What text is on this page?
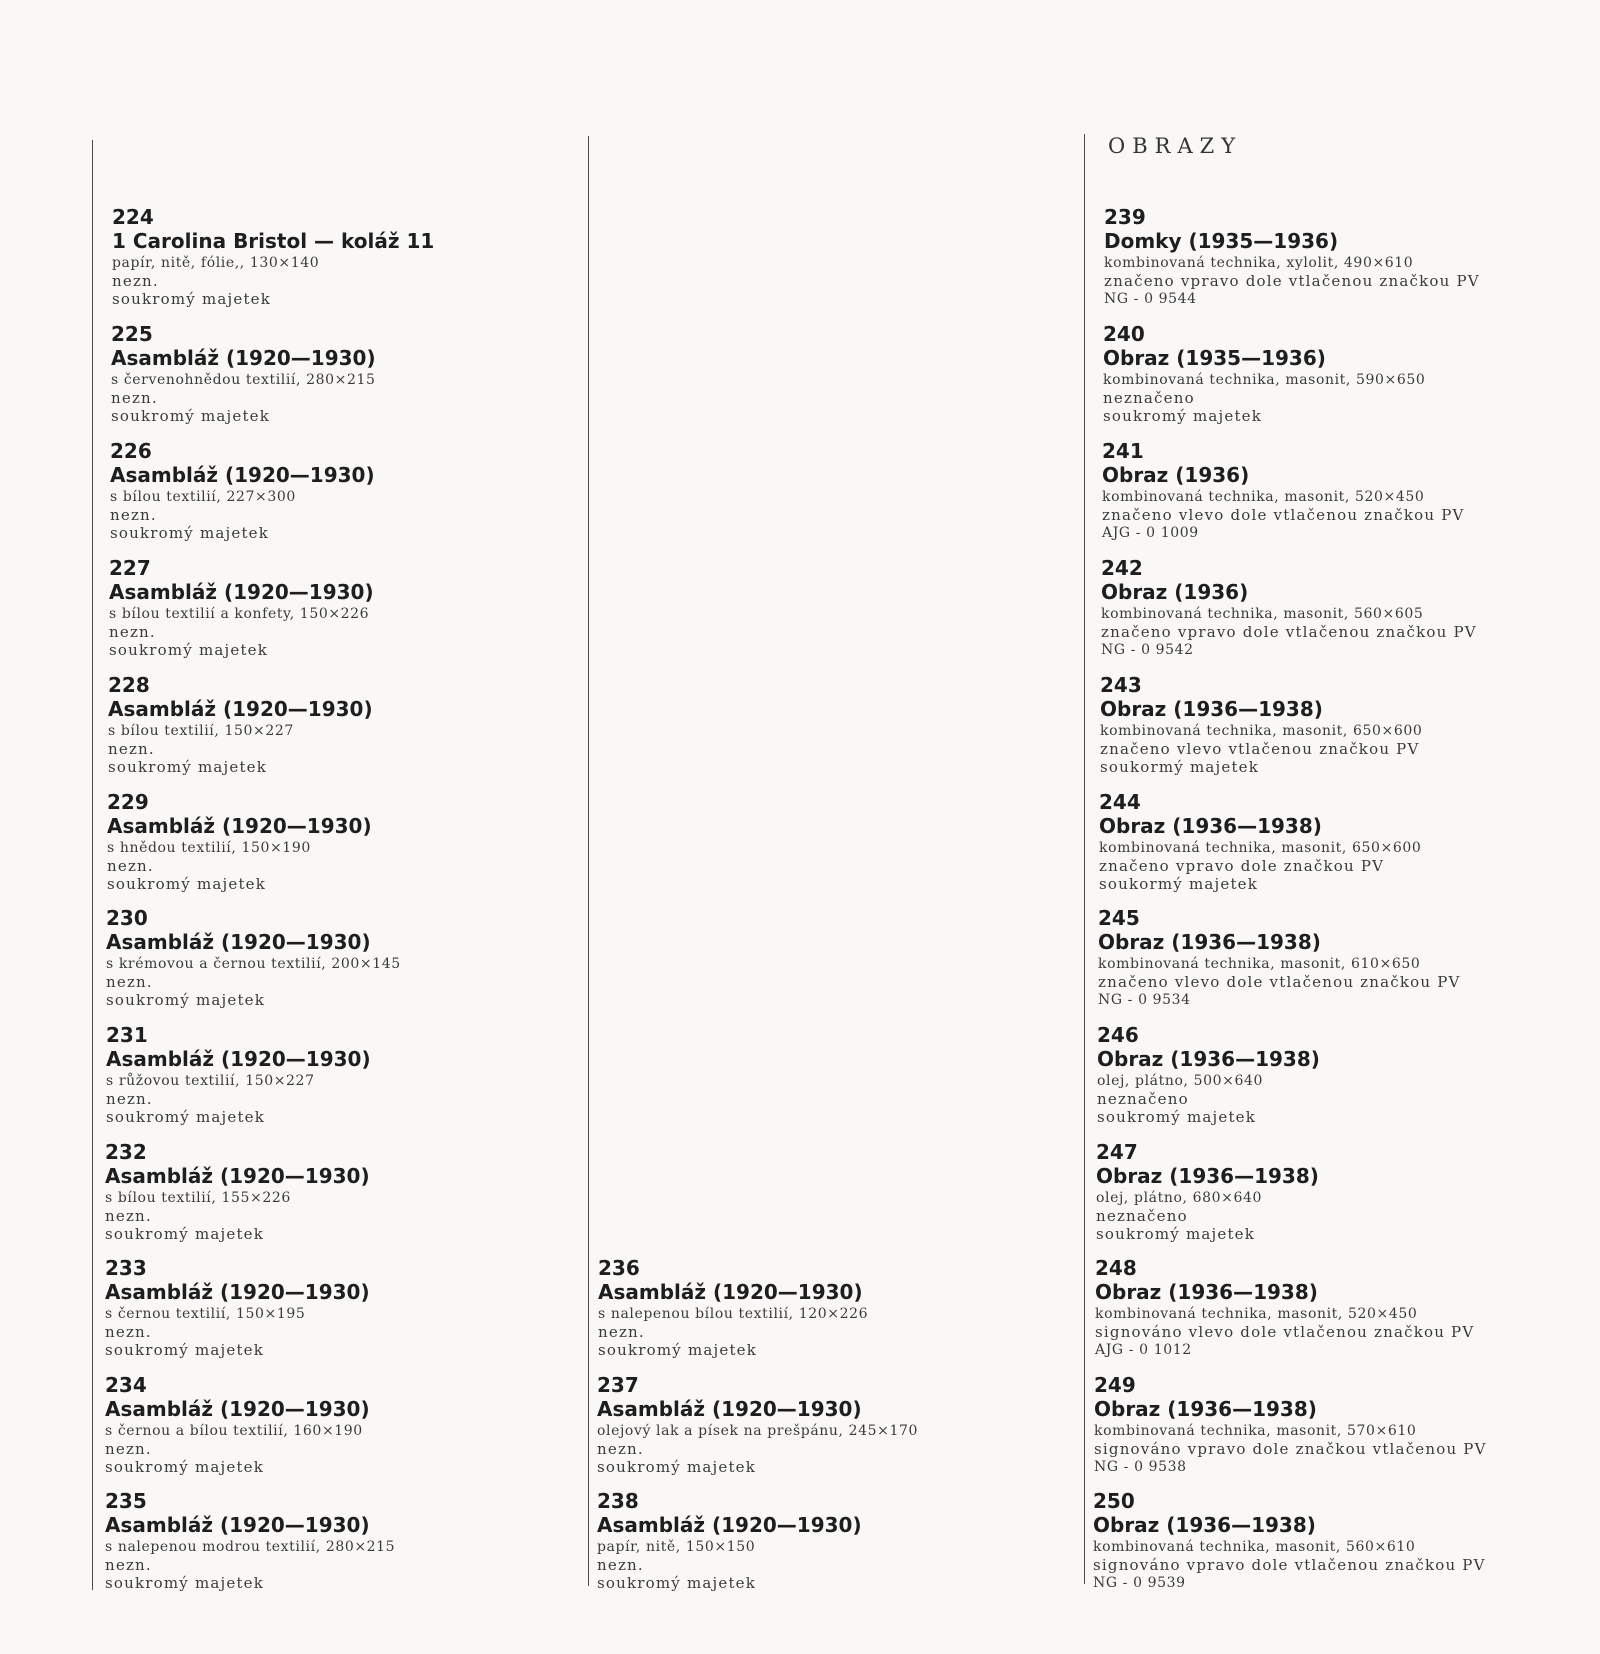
OBRAZY
224
1 Carolina Bristol — koláž 11
papír, nitě, fólie,, 130×140
nezn.
soukromý majetek
225
Asambláž (1920—1930)
s červenohnědou textilií, 280×215
nezn.
soukromý majetek
226
Asambláž (1920—1930)
s bílou textilií, 227×300
nezn.
soukromý majetek
227
Asambláž (1920—1930)
s bílou textilií a konfety, 150×226
nezn.
soukromý majetek
228
Asambláž (1920—1930)
s bílou textilií, 150×227
nezn.
soukromý majetek
229
Asambláž (1920—1930)
s hnědou textilií, 150×190
nezn.
soukromý majetek
230
Asambláž (1920—1930)
s krémovou a černou textilií, 200×145
nezn.
soukromý majetek
231
Asambláž (1920—1930)
s růžovou textilií, 150×227
nezn.
soukromý majetek
232
Asambláž (1920—1930)
s bílou textilií, 155×226
nezn.
soukromý majetek
233
Asambláž (1920—1930)
s černou textilií, 150×195
nezn.
soukromý majetek
234
Asambláž (1920—1930)
s černou a bílou textilií, 160×190
nezn.
soukromý majetek
235
Asambláž (1920—1930)
s nalepenou modrou textilií, 280×215
nezn.
soukromý majetek
236
Asambláž (1920—1930)
s nalepenou bílou textilií, 120×226
nezn.
soukromý majetek
237
Asambláž (1920—1930)
olejový lak a písek na prešpánu, 245×170
nezn.
soukromý majetek
238
Asambláž (1920—1930)
papír, nitě, 150×150
nezn.
soukromý majetek
239
Domky (1935—1936)
kombinovaná technika, xylolit, 490×610
značeno vpravo dole vtlačenou značkou PV
NG - 0 9544
240
Obraz (1935—1936)
kombinovaná technika, masonit, 590×650
neznačeno
soukromý majetek
241
Obraz (1936)
kombinovaná technika, masonit, 520×450
značeno vlevo dole vtlačenou značkou PV
AJG - 0 1009
242
Obraz (1936)
kombinovaná technika, masonit, 560×605
značeno vpravo dole vtlačenou značkou PV
NG - 0 9542
243
Obraz (1936—1938)
kombinovaná technika, masonit, 650×600
značeno vlevo vtlačenou značkou PV
soukormý majetek
244
Obraz (1936—1938)
kombinovaná technika, masonit, 650×600
značeno vpravo dole značkou PV
soukormý majetek
245
Obraz (1936—1938)
kombinovaná technika, masonit, 610×650
značeno vlevo dole vtlačenou značkou PV
NG - 0 9534
246
Obraz (1936—1938)
olej, plátno, 500×640
neznačeno
soukromý majetek
247
Obraz (1936—1938)
olej, plátno, 680×640
neznačeno
soukromý majetek
248
Obraz (1936—1938)
kombinovaná technika, masonit, 520×450
signováno vlevo dole vtlačenou značkou PV
AJG - 0 1012
249
Obraz (1936—1938)
kombinovaná technika, masonit, 570×610
signováno vpravo dole značkou vtlačenou PV
NG - 0 9538
250
Obraz (1936—1938)
kombinovaná technika, masonit, 560×610
signováno vpravo dole vtlačenou značkou PV
NG - 0 9539
